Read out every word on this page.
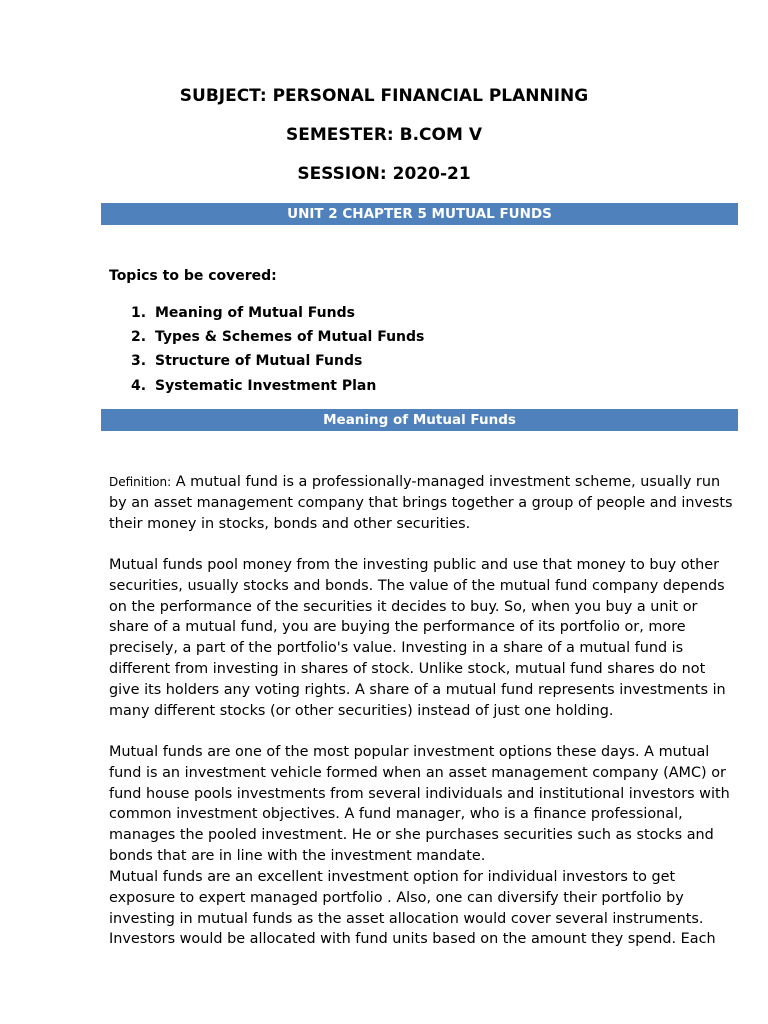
SUBJECT: PERSONAL FINANCIAL PLANNING
SEMESTER: B.COM V
SESSION: 2020-21
UNIT 2 CHAPTER 5 MUTUAL FUNDS
Topics to be covered:
1. Meaning of Mutual Funds
2. Types & Schemes of Mutual Funds
3. Structure of Mutual Funds
4. Systematic Investment Plan
Meaning of Mutual Funds

Definition: A mutual fund is a professionally-managed investment scheme, usually run by an asset management company that brings together a group of people and invests their money in stocks, bonds and other securities.

Mutual funds pool money from the investing public and use that money to buy other securities, usually stocks and bonds. The value of the mutual fund company depends on the performance of the securities it decides to buy. So, when you buy a unit or share of a mutual fund, you are buying the performance of its portfolio or, more precisely, a part of the portfolio's value. Investing in a share of a mutual fund is different from investing in shares of stock. Unlike stock, mutual fund shares do not give its holders any voting rights. A share of a mutual fund represents investments in many different stocks (or other securities) instead of just one holding.

Mutual funds are one of the most popular investment options these days. A mutual fund is an investment vehicle formed when an asset management company (AMC) or fund house pools investments from several individuals and institutional investors with common investment objectives. A fund manager, who is a finance professional, manages the pooled investment. He or she purchases securities such as stocks and bonds that are in line with the investment mandate.

Mutual funds are an excellent investment option for individual investors to get exposure to expert managed portfolio . Also, one can diversify their portfolio by investing in mutual funds as the asset allocation would cover several instruments. Investors would be allocated with fund units based on the amount they spend. Each
